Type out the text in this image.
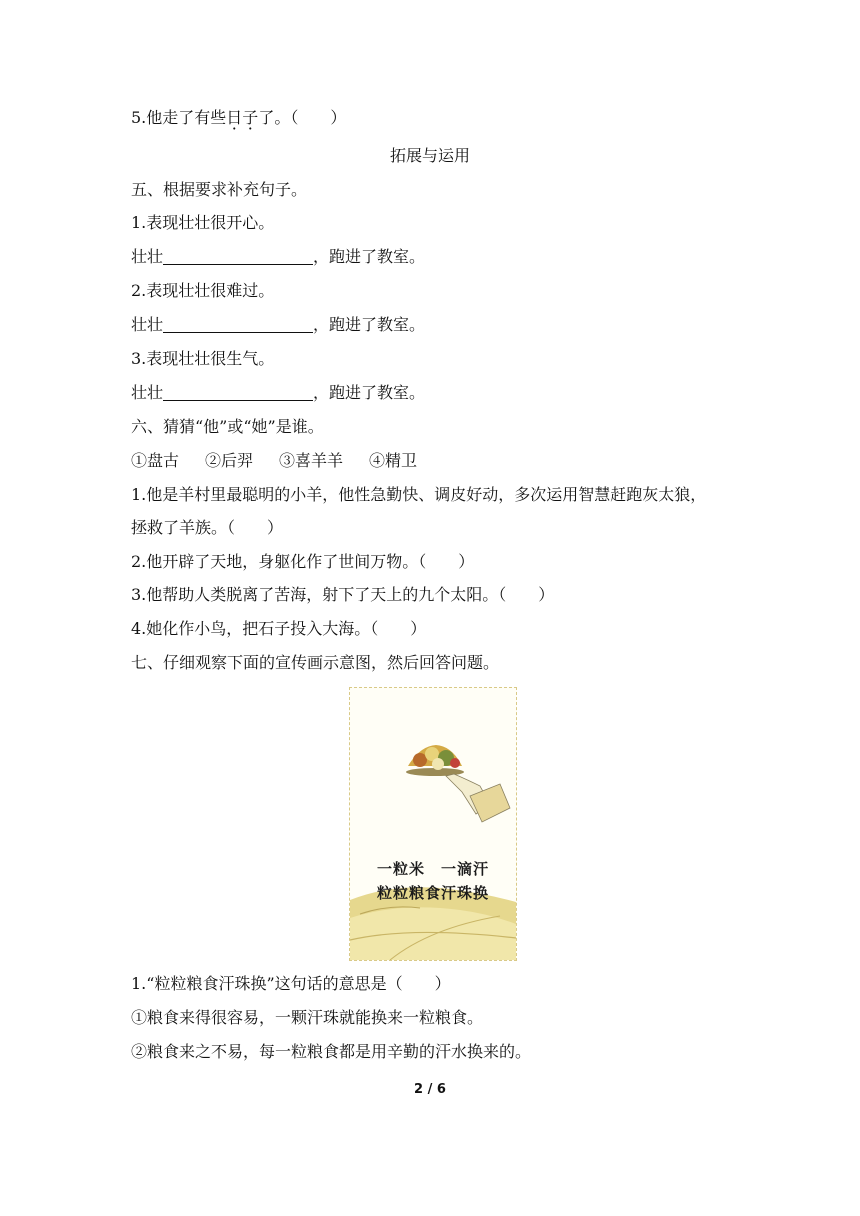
5.他走了有些日子了。（　　）
拓展与运用
五、根据要求补充句子。
1.表现壮壮很开心。
壮壮	，跑进了教室。
2.表现壮壮很难过。
壮壮	，跑进了教室。
3.表现壮壮很生气。
壮壮	，跑进了教室。
六、猜猜“他”或“她”是谁。
①盘古 ②后羿 ③喜羊羊 ④精卫
1.他是羊村里最聪明的小羊，他性急勤快、调皮好动，多次运用智慧赶跑灰太狼，
拯救了羊族。（　　）
2.他开辟了天地，身躯化作了世间万物。（　　）
3.他帮助人类脱离了苦海，射下了天上的九个太阳。（　　）
4.她化作小鸟，把石子投入大海。（　　）
七、仔细观察下面的宣传画示意图，然后回答问题。
一粒米　一滴汗
粒粒粮食汗珠换
1.“粒粒粮食汗珠换”这句话的意思是（　　）
①粮食来得很容易，一颗汗珠就能换来一粒粮食。
②粮食来之不易，每一粒粮食都是用辛勤的汗水换来的。
2 / 6
